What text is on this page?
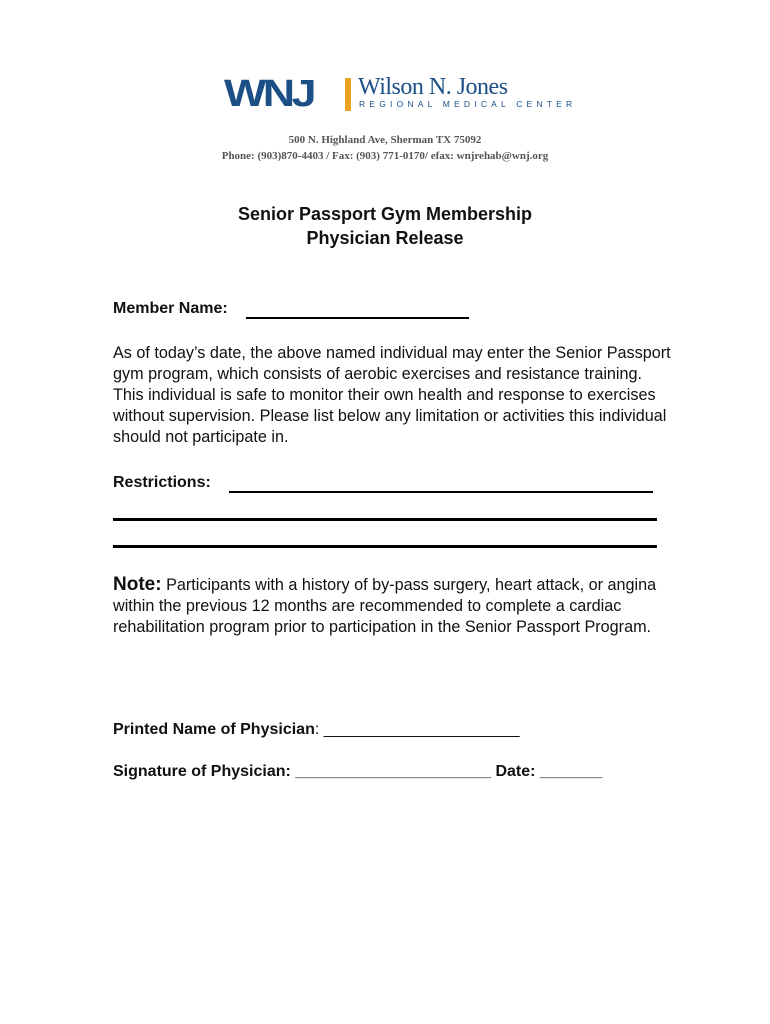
WNJ Wilson N. Jones
REGIONAL MEDICAL CENTER
500 N. Highland Ave, Sherman TX 75092
Phone: (903)870-4403 / Fax: (903) 771-0170/ efax: wnjrehab@wnj.org
Senior Passport Gym Membership
Physician Release
Member Name:
As of today’s date, the above named individual may enter the Senior Passport gym program, which consists of aerobic exercises and resistance training. This individual is safe to monitor their own health and response to exercises without supervision. Please list below any limitation or activities this individual should not participate in.
Restrictions:
Note: Participants with a history of by-pass surgery, heart attack, or angina within the previous 12 months are recommended to complete a cardiac rehabilitation program prior to participation in the Senior Passport Program.
Printed Name of Physician: ______________________
Signature of Physician: ______________________ Date: _______
